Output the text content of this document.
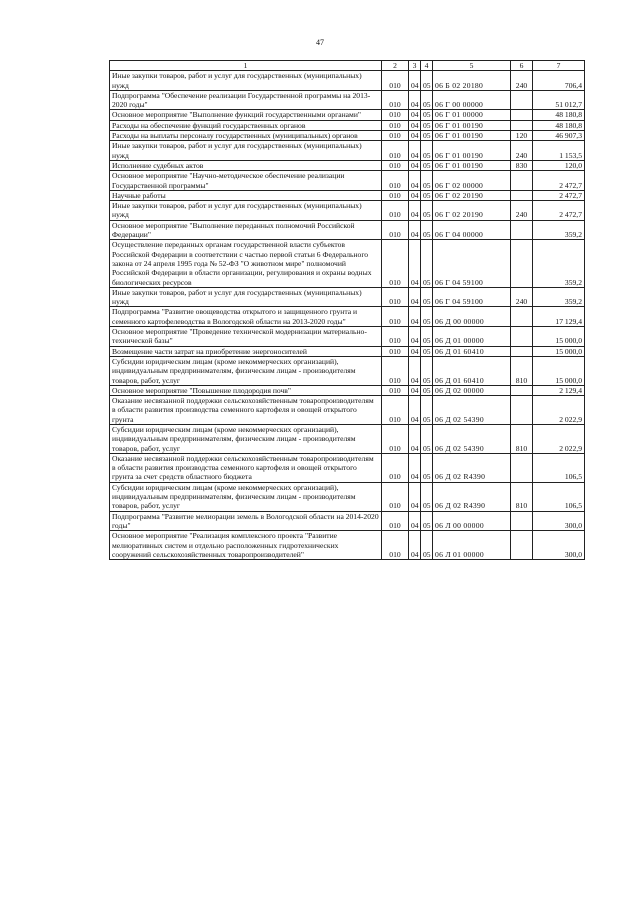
47
1	2	3	4	5	6	7
Иные закупки товаров, работ и услуг для государственных (муниципальных) нужд	010	04	05	06 Б 02 20180	240	706,4
Подпрограмма "Обеспечение реализации Государственной программы на 2013-2020 годы"	010	04	05	06 Г 00 00000		51 012,7
Основное мероприятие "Выполнение функций государственными органами"	010	04	05	06 Г 01 00000		48 180,8
Расходы на обеспечение функций государственных органов	010	04	05	06 Г 01 00190		48 180,8
Расходы на выплаты персоналу государственных (муниципальных) органов	010	04	05	06 Г 01 00190	120	46 907,3
Иные закупки товаров, работ и услуг для государственных (муниципальных) нужд	010	04	05	06 Г 01 00190	240	1 153,5
Исполнение судебных актов	010	04	05	06 Г 01 00190	830	120,0
Основное мероприятие "Научно-методическое обеспечение реализации Государственной программы"	010	04	05	06 Г 02 00000		2 472,7
Научные работы	010	04	05	06 Г 02 20190		2 472,7
Иные закупки товаров, работ и услуг для государственных (муниципальных) нужд	010	04	05	06 Г 02 20190	240	2 472,7
Основное мероприятие "Выполнение переданных полномочий Российской Федерации"	010	04	05	06 Г 04 00000		359,2
Осуществление переданных органам государственной власти субъектов Российской Федерации в соответствии с частью первой статьи 6 Федерального закона от 24 апреля 1995 года № 52-ФЗ "О животном мире" полномочий Российской Федерации в области организации, регулирования и охраны водных биологических ресурсов	010	04	05	06 Г 04 59100		359,2
Иные закупки товаров, работ и услуг для государственных (муниципальных) нужд	010	04	05	06 Г 04 59100	240	359,2
Подпрограмма "Развитие овощеводства открытого и защищенного грунта и семенного картофелеводства в Вологодской области на 2013-2020 годы"	010	04	05	06 Д 00 00000		17 129,4
Основное мероприятие "Проведение технической модернизации материально-технической базы"	010	04	05	06 Д 01 00000		15 000,0
Возмещение части затрат на приобретение энергоносителей	010	04	05	06 Д 01 60410		15 000,0
Субсидии юридическим лицам (кроме некоммерческих организаций), индивидуальным предпринимателям, физическим лицам - производителям товаров, работ, услуг	010	04	05	06 Д 01 60410	810	15 000,0
Основное мероприятие "Повышение плодородия почв"	010	04	05	06 Д 02 00000		2 129,4
Оказание несвязанной поддержки сельскохозяйственным товаропроизводителям в области развития производства семенного картофеля и овощей открытого грунта	010	04	05	06 Д 02 54390		2 022,9
Субсидии юридическим лицам (кроме некоммерческих организаций), индивидуальным предпринимателям, физическим лицам - производителям товаров, работ, услуг	010	04	05	06 Д 02 54390	810	2 022,9
Оказание несвязанной поддержки сельскохозяйственным товаропроизводителям в области развития производства семенного картофеля и овощей открытого грунта за счет средств областного бюджета	010	04	05	06 Д 02 R4390		106,5
Субсидии юридическим лицам (кроме некоммерческих организаций), индивидуальным предпринимателям, физическим лицам - производителям товаров, работ, услуг	010	04	05	06 Д 02 R4390	810	106,5
Подпрограмма "Развитие мелиорации земель в Вологодской области на 2014-2020 годы"	010	04	05	06 Л 00 00000		300,0
Основное мероприятие "Реализация комплексного проекта "Развитие мелиоративных систем и отдельно расположенных гидротехнических сооружений сельскохозяйственных товаропроизводителей"	010	04	05	06 Л 01 00000		300,0
